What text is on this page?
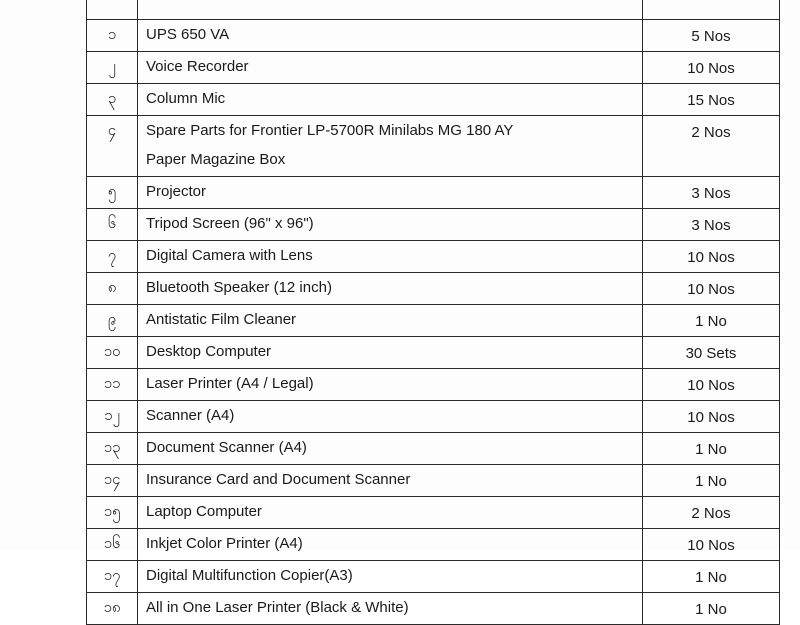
၁	UPS 650 VA	5 Nos
၂	Voice Recorder	10 Nos
၃	Column Mic	15 Nos
၄	Spare Parts for Frontier LP-5700R Minilabs MG 180 AY
Paper Magazine Box	2 Nos
၅	Projector	3 Nos
၆	Tripod Screen (96" x 96")	3 Nos
၇	Digital Camera with Lens	10 Nos
၈	Bluetooth Speaker (12 inch)	10 Nos
၉	Antistatic Film Cleaner	1 No
၁၀	Desktop Computer	30 Sets
၁၁	Laser Printer (A4 / Legal)	10 Nos
၁၂	Scanner (A4)	10 Nos
၁၃	Document Scanner (A4)	1 No
၁၄	Insurance Card and Document Scanner	1 No
၁၅	Laptop Computer	2 Nos
၁၆	Inkjet Color Printer (A4)	10 Nos
၁၇	Digital Multifunction Copier(A3)	1 No
၁၈	All in One Laser Printer (Black & White)	1 No
